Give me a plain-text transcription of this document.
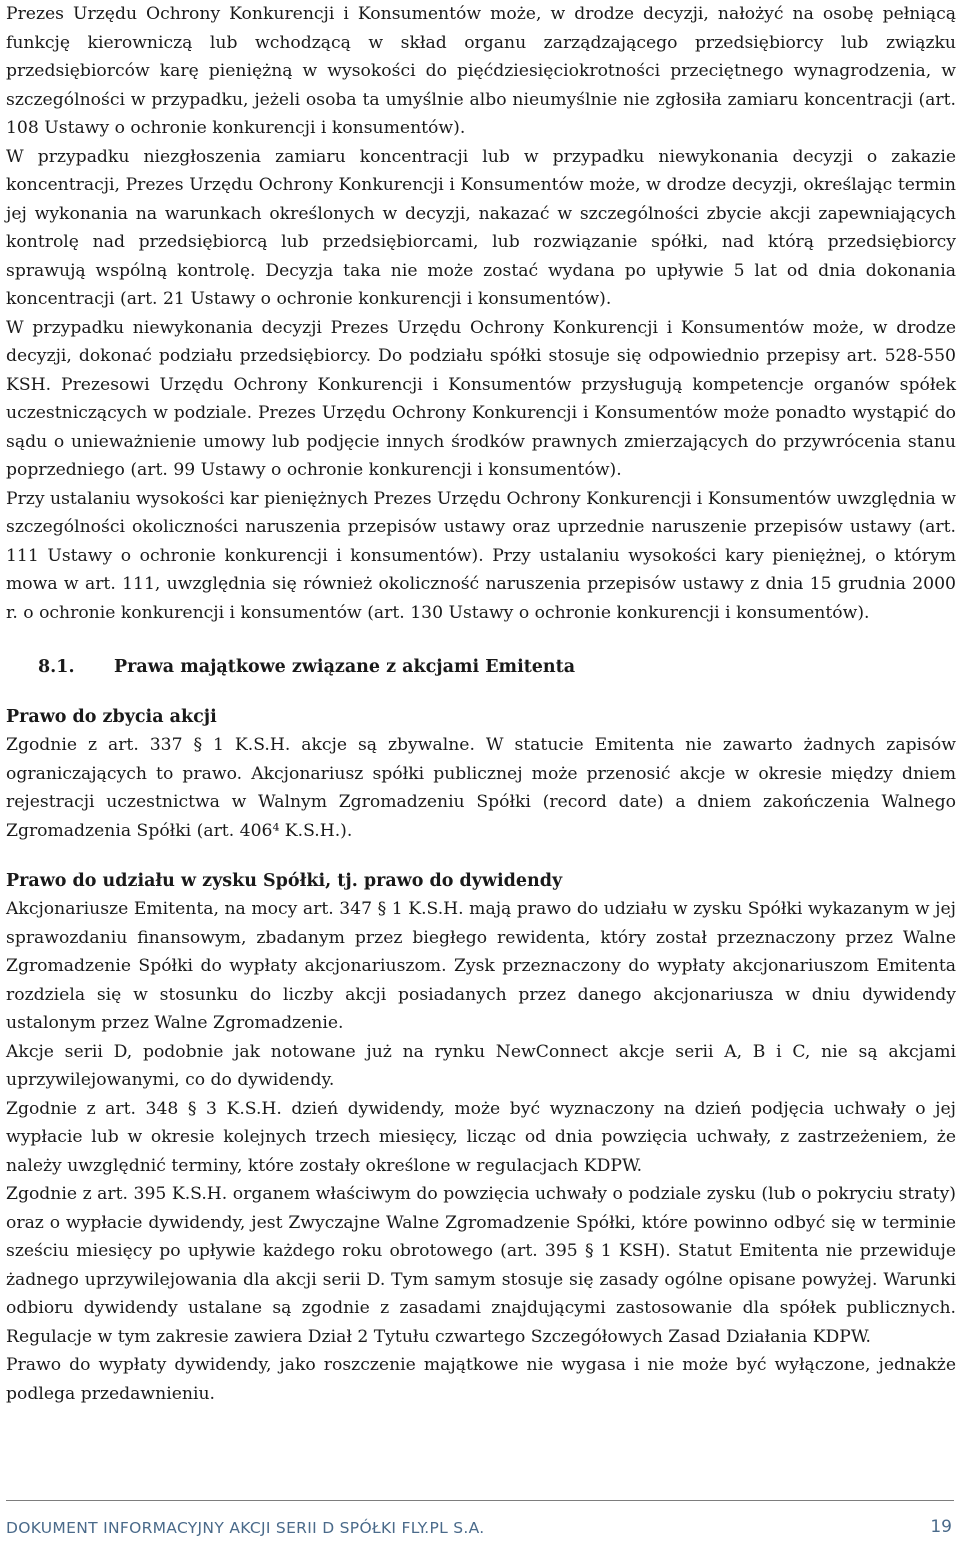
Prezes Urzędu Ochrony Konkurencji i Konsumentów może, w drodze decyzji, nałożyć na osobę pełniącą funkcję kierowniczą lub wchodzącą w skład organu zarządzającego przedsiębiorcy lub związku przedsiębiorców karę pieniężną w wysokości do pięćdziesięciokrotności przeciętnego wynagrodzenia, w szczególności w przypadku, jeżeli osoba ta umyślnie albo nieumyślnie nie zgłosiła zamiaru koncentracji (art. 108 Ustawy o ochronie konkurencji i konsumentów).

W przypadku niezgłoszenia zamiaru koncentracji lub w przypadku niewykonania decyzji o zakazie koncentracji, Prezes Urzędu Ochrony Konkurencji i Konsumentów może, w drodze decyzji, określając termin jej wykonania na warunkach określonych w decyzji, nakazać w szczególności zbycie akcji zapewniających kontrolę nad przedsiębiorcą lub przedsiębiorcami, lub rozwiązanie spółki, nad którą przedsiębiorcy sprawują wspólną kontrolę. Decyzja taka nie może zostać wydana po upływie 5 lat od dnia dokonania koncentracji (art. 21 Ustawy o ochronie konkurencji i konsumentów).

W przypadku niewykonania decyzji Prezes Urzędu Ochrony Konkurencji i Konsumentów może, w drodze decyzji, dokonać podziału przedsiębiorcy. Do podziału spółki stosuje się odpowiednio przepisy art. 528-550 KSH. Prezesowi Urzędu Ochrony Konkurencji i Konsumentów przysługują kompetencje organów spółek uczestniczących w podziale. Prezes Urzędu Ochrony Konkurencji i Konsumentów może ponadto wystąpić do sądu o unieważnienie umowy lub podjęcie innych środków prawnych zmierzających do przywrócenia stanu poprzedniego (art. 99 Ustawy o ochronie konkurencji i konsumentów).

Przy ustalaniu wysokości kar pieniężnych Prezes Urzędu Ochrony Konkurencji i Konsumentów uwzględnia w szczególności okoliczności naruszenia przepisów ustawy oraz uprzednie naruszenie przepisów ustawy (art. 111 Ustawy o ochronie konkurencji i konsumentów). Przy ustalaniu wysokości kary pieniężnej, o którym mowa w art. 111, uwzględnia się również okoliczność naruszenia przepisów ustawy z dnia 15 grudnia 2000 r. o ochronie konkurencji i konsumentów (art. 130 Ustawy o ochronie konkurencji i konsumentów).

8.1. Prawa majątkowe związane z akcjami Emitenta

Prawo do zbycia akcji

Zgodnie z art. 337 § 1 K.S.H. akcje są zbywalne. W statucie Emitenta nie zawarto żadnych zapisów ograniczających to prawo. Akcjonariusz spółki publicznej może przenosić akcje w okresie między dniem rejestracji uczestnictwa w Walnym Zgromadzeniu Spółki (record date) a dniem zakończenia Walnego Zgromadzenia Spółki (art. 406⁴ K.S.H.).

Prawo do udziału w zysku Spółki, tj. prawo do dywidendy

Akcjonariusze Emitenta, na mocy art. 347 § 1 K.S.H. mają prawo do udziału w zysku Spółki wykazanym w jej sprawozdaniu finansowym, zbadanym przez biegłego rewidenta, który został przeznaczony przez Walne Zgromadzenie Spółki do wypłaty akcjonariuszom. Zysk przeznaczony do wypłaty akcjonariuszom Emitenta rozdziela się w stosunku do liczby akcji posiadanych przez danego akcjonariusza w dniu dywidendy ustalonym przez Walne Zgromadzenie.

Akcje serii D, podobnie jak notowane już na rynku NewConnect akcje serii A, B i C, nie są akcjami uprzywilejowanymi, co do dywidendy.

Zgodnie z art. 348 § 3 K.S.H. dzień dywidendy, może być wyznaczony na dzień podjęcia uchwały o jej wypłacie lub w okresie kolejnych trzech miesięcy, licząc od dnia powzięcia uchwały, z zastrzeżeniem, że należy uwzględnić terminy, które zostały określone w regulacjach KDPW.

Zgodnie z art. 395 K.S.H. organem właściwym do powzięcia uchwały o podziale zysku (lub o pokryciu straty) oraz o wypłacie dywidendy, jest Zwyczajne Walne Zgromadzenie Spółki, które powinno odbyć się w terminie sześciu miesięcy po upływie każdego roku obrotowego (art. 395 § 1 KSH). Statut Emitenta nie przewiduje żadnego uprzywilejowania dla akcji serii D. Tym samym stosuje się zasady ogólne opisane powyżej. Warunki odbioru dywidendy ustalane są zgodnie z zasadami znajdującymi zastosowanie dla spółek publicznych. Regulacje w tym zakresie zawiera Dział 2 Tytułu czwartego Szczegółowych Zasad Działania KDPW.

Prawo do wypłaty dywidendy, jako roszczenie majątkowe nie wygasa i nie może być wyłączone, jednakże podlega przedawnieniu.

DOKUMENT INFORMACYJNY AKCJI SERII D SPÓŁKI FLY.PL S.A.	19
